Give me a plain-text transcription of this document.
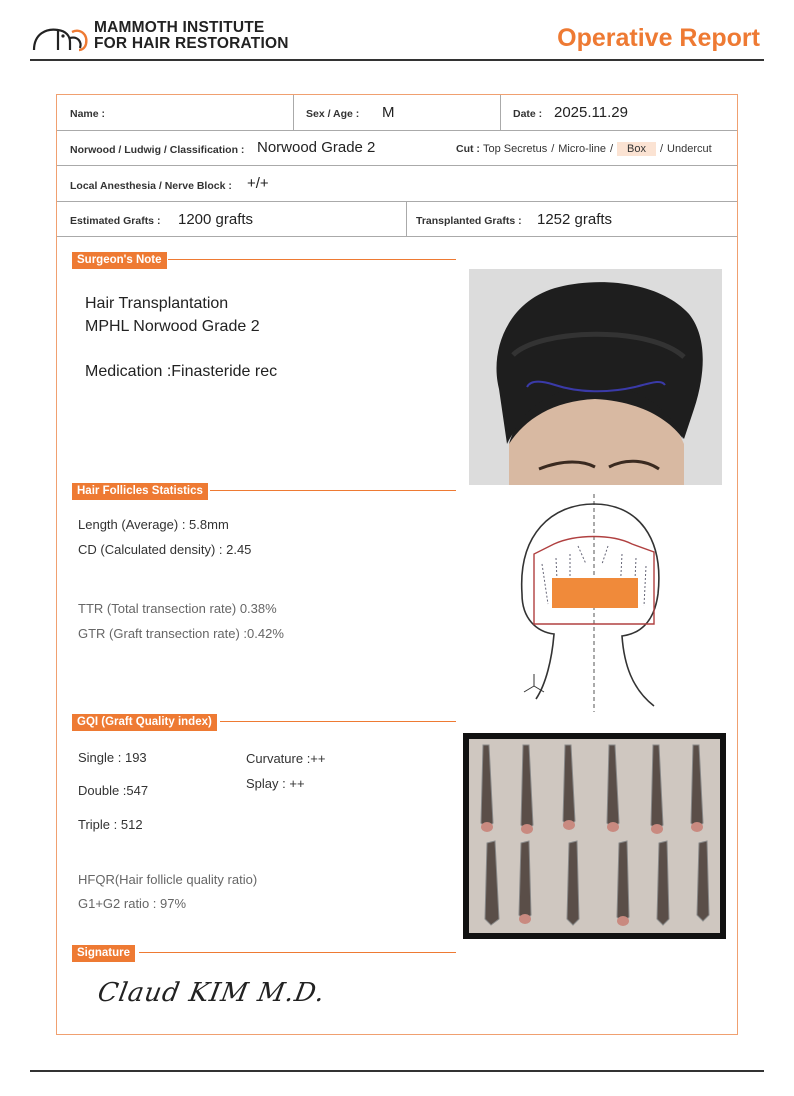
MAMMOTH INSTITUTE
FOR HAIR RESTORATION	Operative Report
Name :	Sex / Age : M	Date : 2025.11.29
Norwood / Ludwig / Classification : Norwood Grade 2	Cut : Top Secretus / Micro-line / Box / Undercut
Local Anesthesia / Nerve Block : +/+
Estimated Grafts : 1200 grafts	Transplanted Grafts : 1252 grafts
Surgeon's Note
Hair Transplantation
MPHL Norwood Grade 2
Medication :Finasteride rec
Hair Follicles Statistics
Length (Average) : 5.8mm
CD (Calculated density) : 2.45
TTR (Total transection rate) 0.38%
GTR (Graft transection rate) :0.42%
GQI (Graft Quality index)
Single : 193
Double :547
Triple : 512
Curvature :++
Splay : ++
HFQR(Hair follicle quality ratio)
G1+G2 ratio : 97%
Signature
Claud KIM M.D.
